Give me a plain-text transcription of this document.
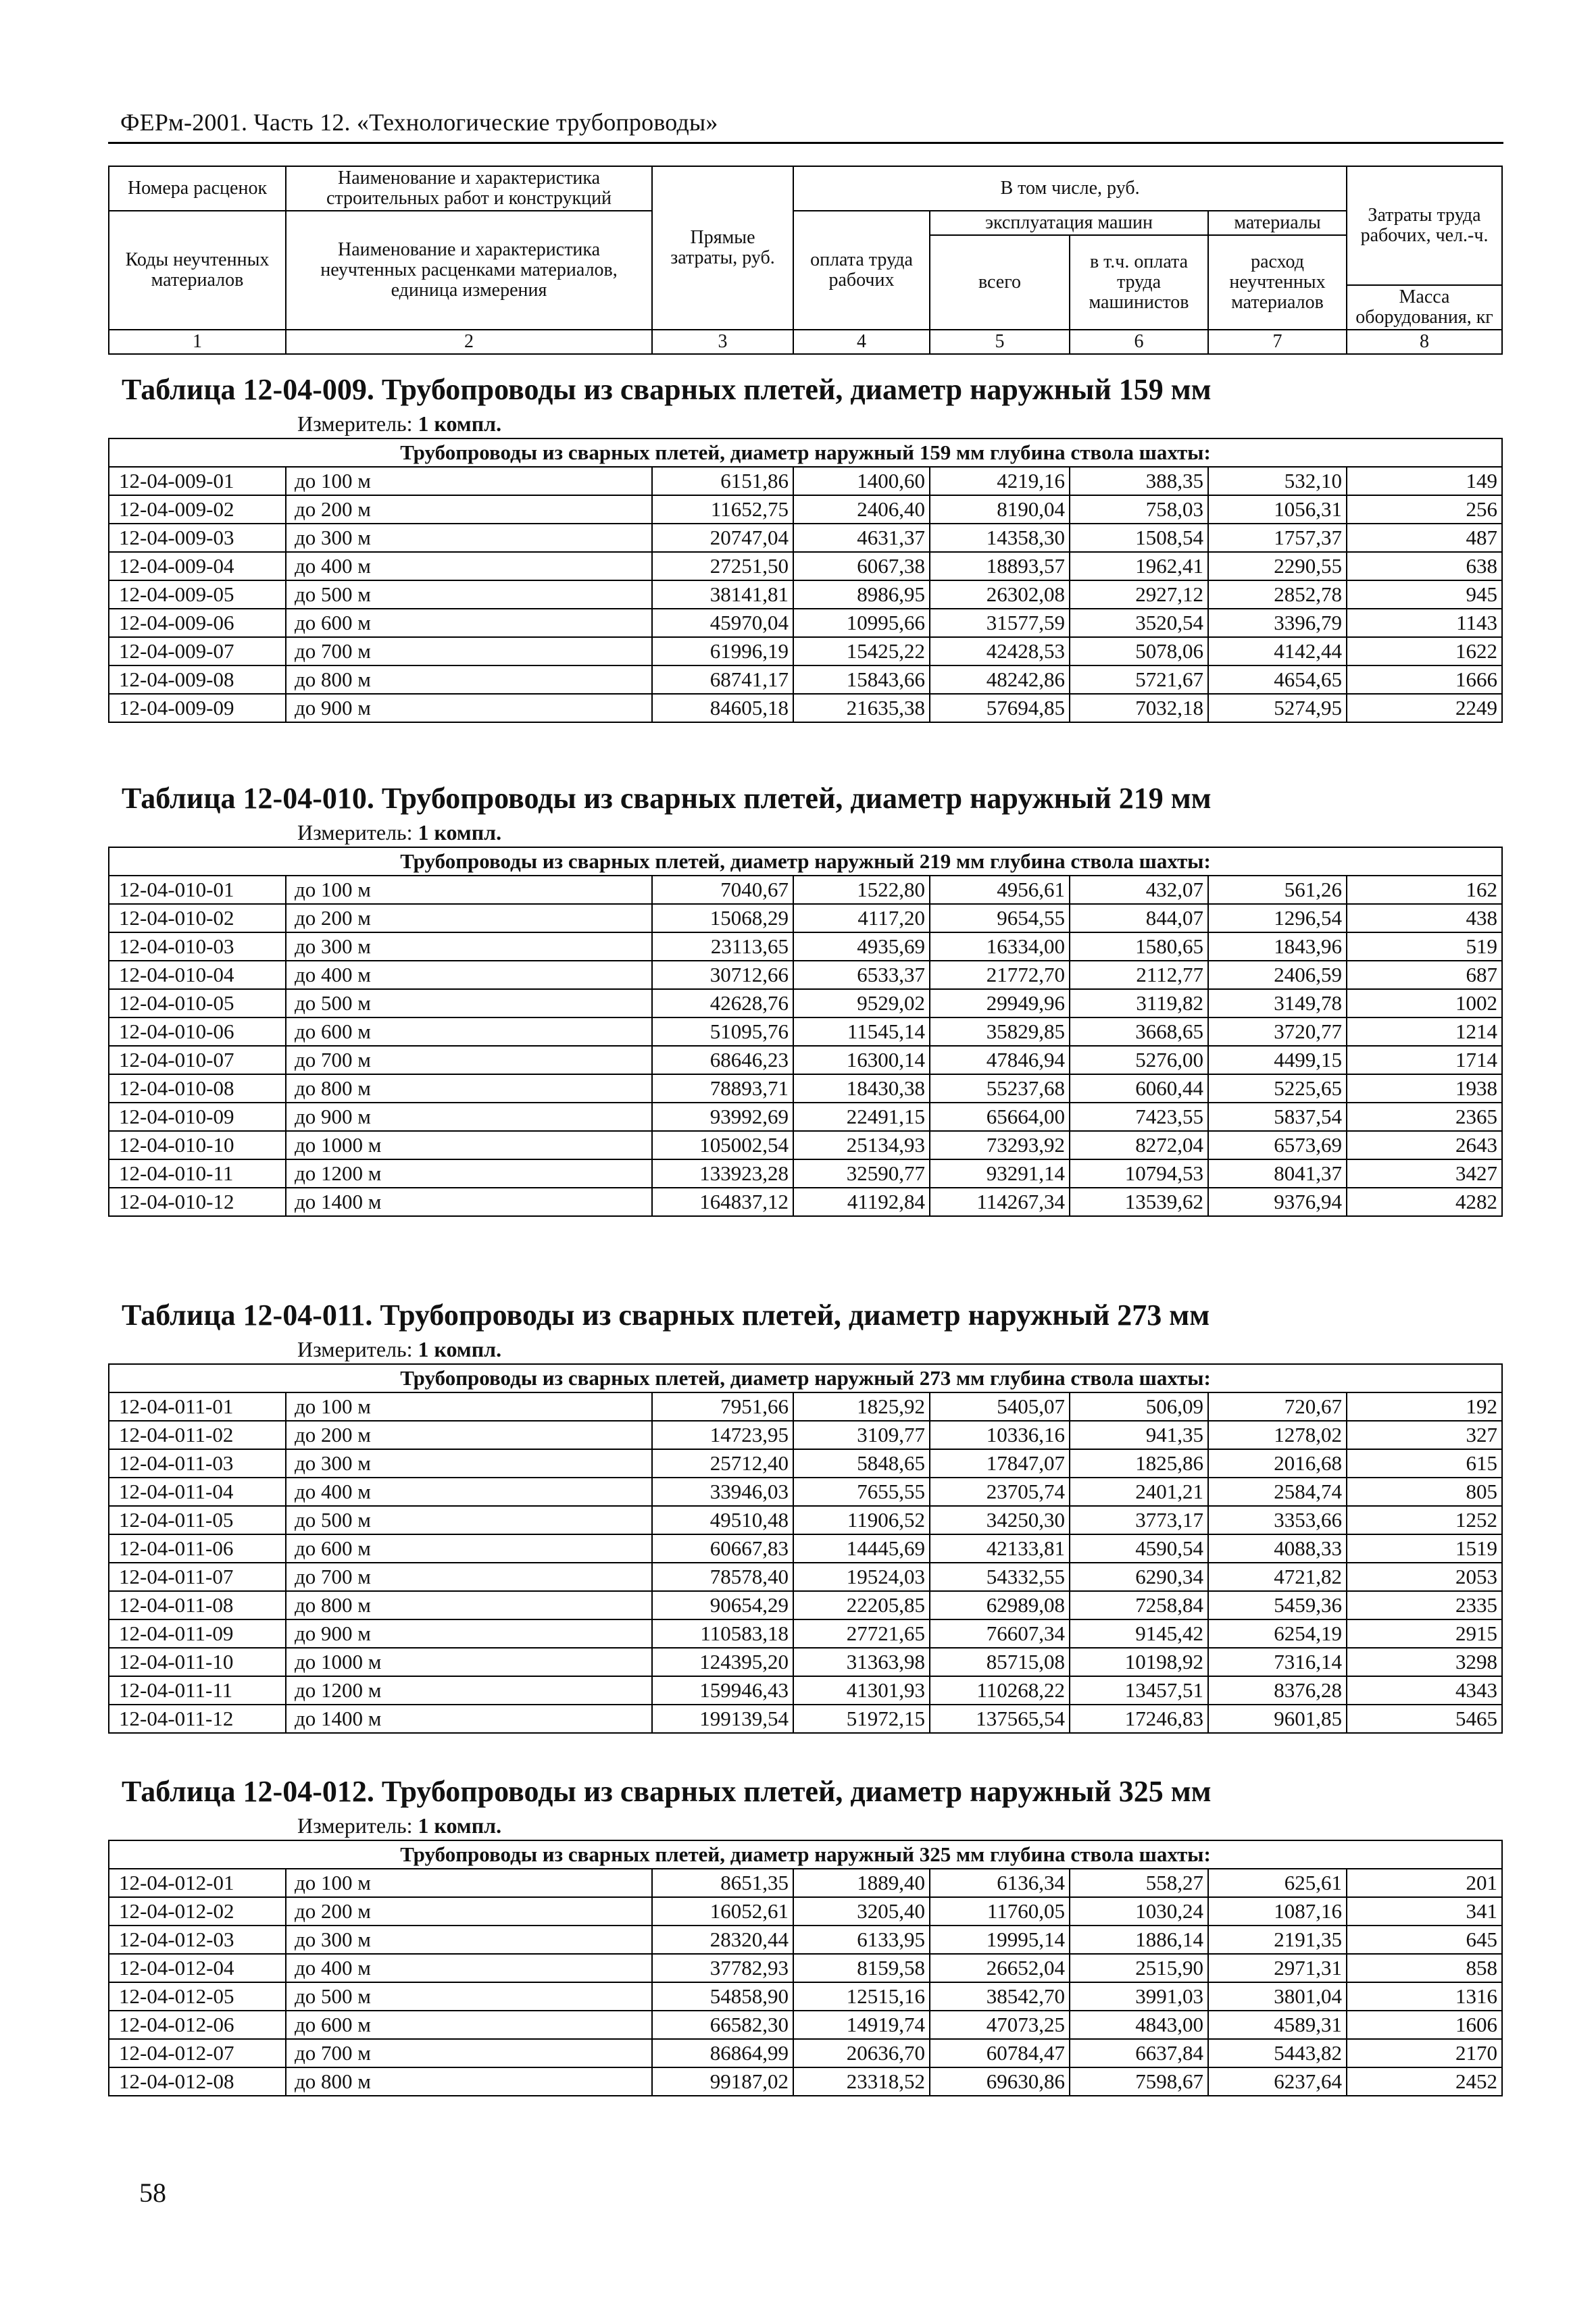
ФЕРм-2001. Часть 12. «Технологические трубопроводы»
Номера расценок	Наименование и характеристика строительных работ и конструкций	Прямые затраты, руб.	В том числе, руб.				Затраты труда рабочих, чел.-ч.
Коды неучтенных материалов	Наименование и характеристика неучтенных расценками материалов, единица измерения		оплата труда рабочих	эксплуатация машин		материалы	
				всего	в т.ч. оплата труда машинистов	расход неучтенных материалов	
							Масса оборудования, кг
1	2	3	4	5	6	7	8
Таблица 12-04-009. Трубопроводы из сварных плетей, диаметр наружный 159 мм
Измеритель: 1 компл.
Трубопроводы из сварных плетей, диаметр наружный 159 мм глубина ствола шахты:							
12-04-009-01	до 100 м	6151,86	1400,60	4219,16	388,35	532,10	149
12-04-009-02	до 200 м	11652,75	2406,40	8190,04	758,03	1056,31	256
12-04-009-03	до 300 м	20747,04	4631,37	14358,30	1508,54	1757,37	487
12-04-009-04	до 400 м	27251,50	6067,38	18893,57	1962,41	2290,55	638
12-04-009-05	до 500 м	38141,81	8986,95	26302,08	2927,12	2852,78	945
12-04-009-06	до 600 м	45970,04	10995,66	31577,59	3520,54	3396,79	1143
12-04-009-07	до 700 м	61996,19	15425,22	42428,53	5078,06	4142,44	1622
12-04-009-08	до 800 м	68741,17	15843,66	48242,86	5721,67	4654,65	1666
12-04-009-09	до 900 м	84605,18	21635,38	57694,85	7032,18	5274,95	2249
Таблица 12-04-010. Трубопроводы из сварных плетей, диаметр наружный 219 мм
Измеритель: 1 компл.
Трубопроводы из сварных плетей, диаметр наружный 219 мм глубина ствола шахты:							
12-04-010-01	до 100 м	7040,67	1522,80	4956,61	432,07	561,26	162
12-04-010-02	до 200 м	15068,29	4117,20	9654,55	844,07	1296,54	438
12-04-010-03	до 300 м	23113,65	4935,69	16334,00	1580,65	1843,96	519
12-04-010-04	до 400 м	30712,66	6533,37	21772,70	2112,77	2406,59	687
12-04-010-05	до 500 м	42628,76	9529,02	29949,96	3119,82	3149,78	1002
12-04-010-06	до 600 м	51095,76	11545,14	35829,85	3668,65	3720,77	1214
12-04-010-07	до 700 м	68646,23	16300,14	47846,94	5276,00	4499,15	1714
12-04-010-08	до 800 м	78893,71	18430,38	55237,68	6060,44	5225,65	1938
12-04-010-09	до 900 м	93992,69	22491,15	65664,00	7423,55	5837,54	2365
12-04-010-10	до 1000 м	105002,54	25134,93	73293,92	8272,04	6573,69	2643
12-04-010-11	до 1200 м	133923,28	32590,77	93291,14	10794,53	8041,37	3427
12-04-010-12	до 1400 м	164837,12	41192,84	114267,34	13539,62	9376,94	4282
Таблица 12-04-011. Трубопроводы из сварных плетей, диаметр наружный 273 мм
Измеритель: 1 компл.
Трубопроводы из сварных плетей, диаметр наружный 273 мм глубина ствола шахты:							
12-04-011-01	до 100 м	7951,66	1825,92	5405,07	506,09	720,67	192
12-04-011-02	до 200 м	14723,95	3109,77	10336,16	941,35	1278,02	327
12-04-011-03	до 300 м	25712,40	5848,65	17847,07	1825,86	2016,68	615
12-04-011-04	до 400 м	33946,03	7655,55	23705,74	2401,21	2584,74	805
12-04-011-05	до 500 м	49510,48	11906,52	34250,30	3773,17	3353,66	1252
12-04-011-06	до 600 м	60667,83	14445,69	42133,81	4590,54	4088,33	1519
12-04-011-07	до 700 м	78578,40	19524,03	54332,55	6290,34	4721,82	2053
12-04-011-08	до 800 м	90654,29	22205,85	62989,08	7258,84	5459,36	2335
12-04-011-09	до 900 м	110583,18	27721,65	76607,34	9145,42	6254,19	2915
12-04-011-10	до 1000 м	124395,20	31363,98	85715,08	10198,92	7316,14	3298
12-04-011-11	до 1200 м	159946,43	41301,93	110268,22	13457,51	8376,28	4343
12-04-011-12	до 1400 м	199139,54	51972,15	137565,54	17246,83	9601,85	5465
Таблица 12-04-012. Трубопроводы из сварных плетей, диаметр наружный 325 мм
Измеритель: 1 компл.
Трубопроводы из сварных плетей, диаметр наружный 325 мм глубина ствола шахты:							
12-04-012-01	до 100 м	8651,35	1889,40	6136,34	558,27	625,61	201
12-04-012-02	до 200 м	16052,61	3205,40	11760,05	1030,24	1087,16	341
12-04-012-03	до 300 м	28320,44	6133,95	19995,14	1886,14	2191,35	645
12-04-012-04	до 400 м	37782,93	8159,58	26652,04	2515,90	2971,31	858
12-04-012-05	до 500 м	54858,90	12515,16	38542,70	3991,03	3801,04	1316
12-04-012-06	до 600 м	66582,30	14919,74	47073,25	4843,00	4589,31	1606
12-04-012-07	до 700 м	86864,99	20636,70	60784,47	6637,84	5443,82	2170
12-04-012-08	до 800 м	99187,02	23318,52	69630,86	7598,67	6237,64	2452
58
